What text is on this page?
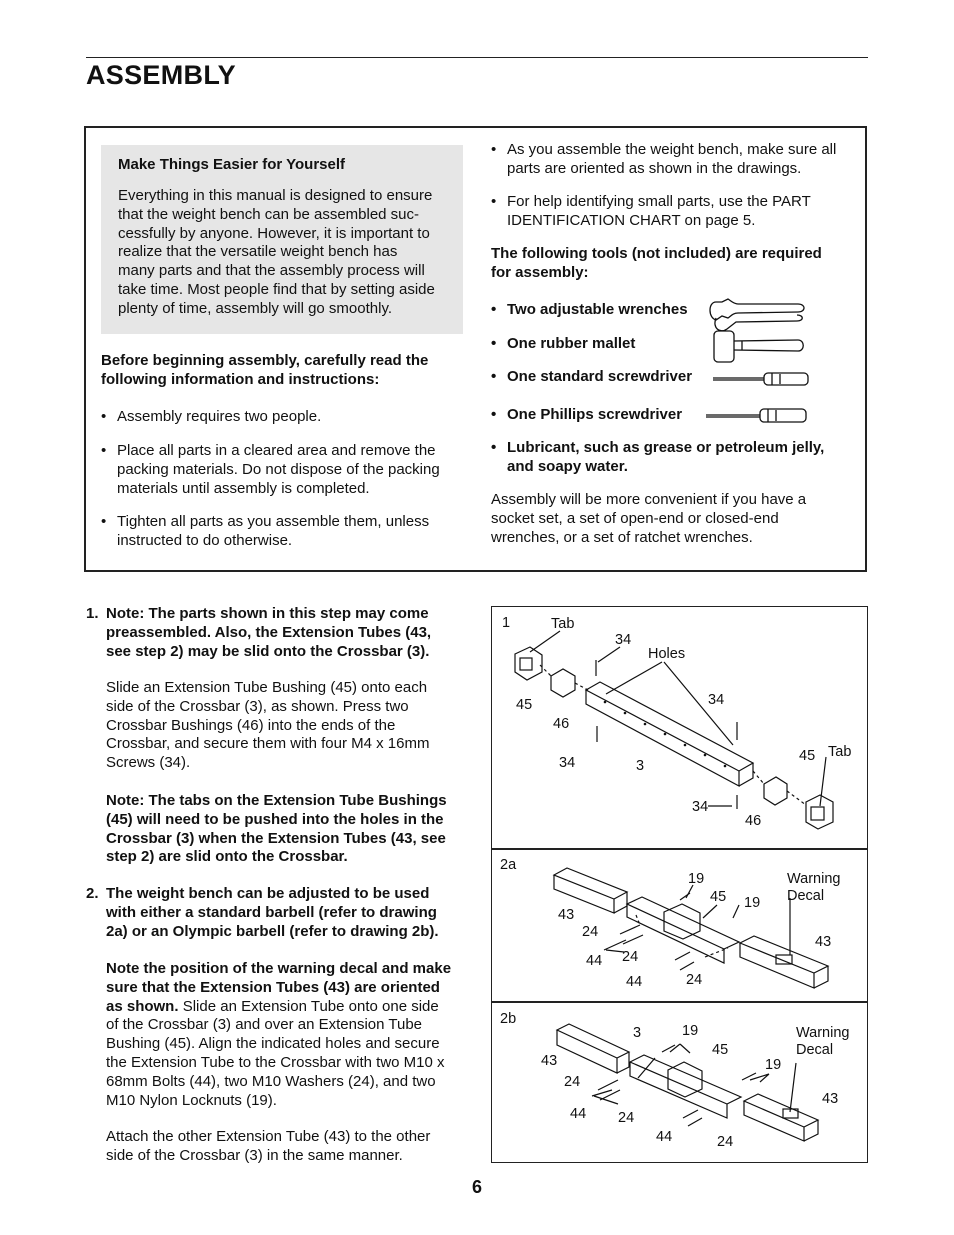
ASSEMBLY
Make Things Easier for Yourself
Everything in this manual is designed to ensure
that the weight bench can be assembled suc-
cessfully by anyone. However, it is important to
realize that the versatile weight bench has
many parts and that the assembly process will
take time. Most people find that by setting aside
plenty of time, assembly will go smoothly.
Before beginning assembly, carefully read the
following information and instructions:
• Assembly requires two people.
• Place all parts in a cleared area and remove the
packing materials. Do not dispose of the packing
materials until assembly is completed.
• Tighten all parts as you assemble them, unless
instructed to do otherwise.
• As you assemble the weight bench, make sure all
parts are oriented as shown in the drawings.
• For help identifying small parts, use the PART
IDENTIFICATION CHART on page 5.
The following tools (not included) are required
for assembly:
• Two adjustable wrenches
• One rubber mallet
• One standard screwdriver
• One Phillips screwdriver
• Lubricant, such as grease or petroleum jelly,
and soapy water.
Assembly will be more convenient if you have a
socket set, a set of open-end or closed-end
wrenches, or a set of ratchet wrenches.
1. Note: The parts shown in this step may come
preassembled. Also, the Extension Tubes (43,
see step 2) may be slid onto the Crossbar (3).
Slide an Extension Tube Bushing (45) onto each
side of the Crossbar (3), as shown. Press two
Crossbar Bushings (46) into the ends of the
Crossbar, and secure them with four M4 x 16mm
Screws (34).
Note: The tabs on the Extension Tube Bushings
(45) will need to be pushed into the holes in the
Crossbar (3) when the Extension Tubes (43, see
step 2) are slid onto the Crossbar.
2. The weight bench can be adjusted to be used
with either a standard barbell (refer to drawing
2a) or an Olympic barbell (refer to drawing 2b).
Note the position of the warning decal and make
sure that the Extension Tubes (43) are oriented
as shown. Slide an Extension Tube onto one side
of the Crossbar (3) and over an Extension Tube
Bushing (45). Align the indicated holes and secure
the Extension Tube to the Crossbar with two M10 x
68mm Bolts (44), two M10 Washers (24), and two
M10 Nylon Locknuts (19).
Attach the other Extension Tube (43) to the other
side of the Crossbar (3) in the same manner.
1	Tab
34
Holes
45
46
34
34	3
45 Tab
34
46
2a
19
45 19
Warning
Decal
43
24
43
44 24
44	24
2b
3	19	Warning
Decal
45
43	19
24
43
44 24
44	24
6
